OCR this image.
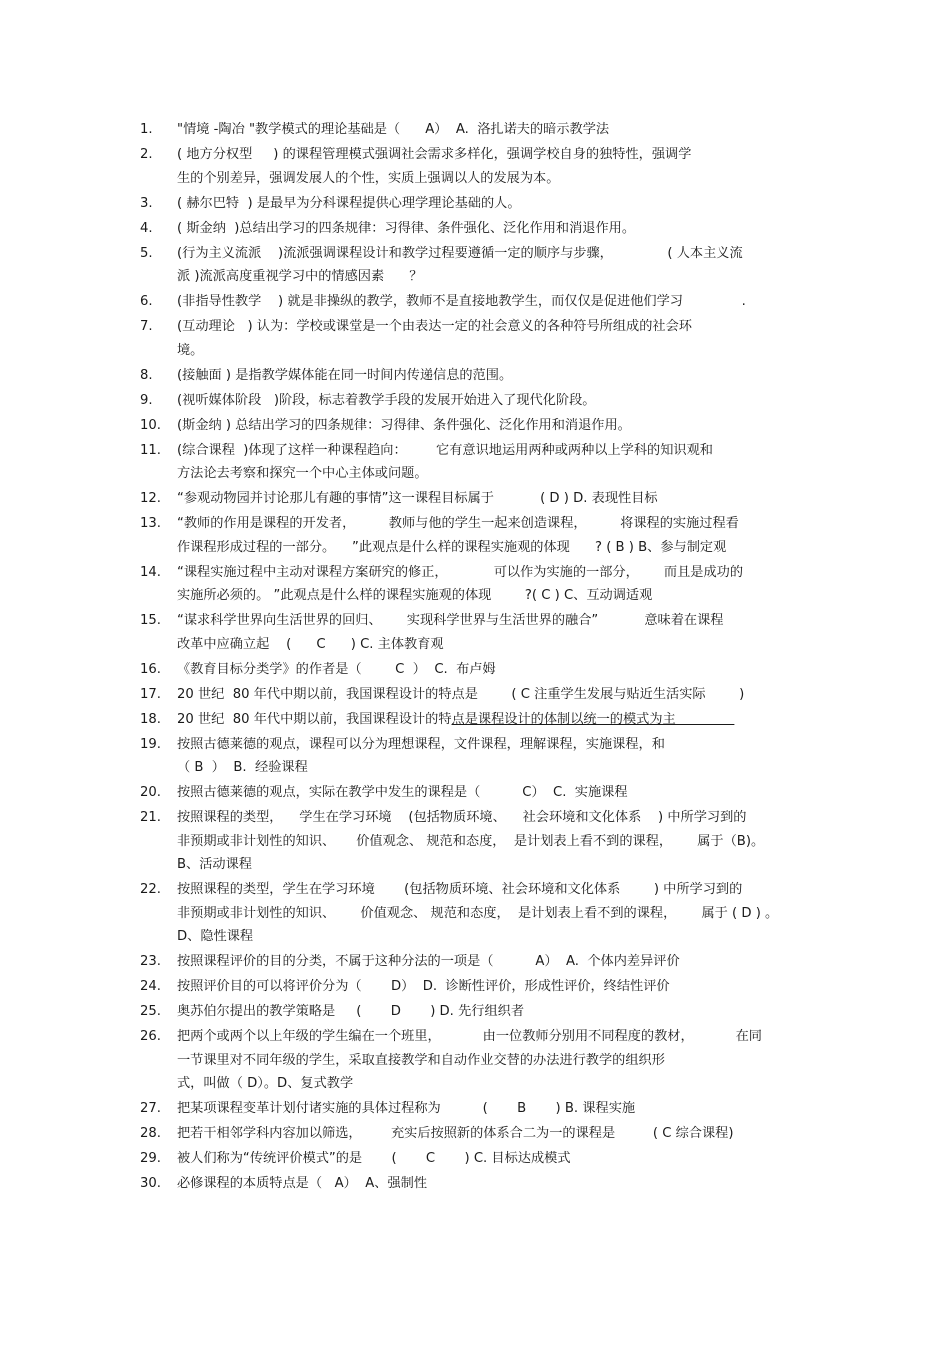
1.	"情境 -陶冶 "教学模式的理论基础是（      A）  A.  洛扎诺夫的暗示教学法
2.	( 地方分权型     ) 的课程管理模式强调社会需求多样化，强调学校自身的独特性，强调学
生的个别差异，强调发展人的个性，实质上强调以人的发展为本。
3.	( 赫尔巴特  ) 是最早为分科课程提供心理学理论基础的人。
4.	( 斯金纳  )总结出学习的四条规律：习得律、条件强化、泛化作用和消退作用。
5.	(行为主义流派    )流派强调课程设计和教学过程要遵循一定的顺序与步骤，             ( 人本主义流
派 )流派高度重视学习中的情感因素      ？
6.	(非指导性教学    ) 就是非操纵的教学，教师不是直接地教学生，而仅仅是促进他们学习              .
7.	(互动理论   ) 认为：学校或课堂是一个由表达一定的社会意义的各种符号所组成的社会环
境。
8.	(接触面 ) 是指教学媒体能在同一时间内传递信息的范围。
9.	(视听媒体阶段   )阶段，标志着教学手段的发展开始进入了现代化阶段。
10.	(斯金纳 ) 总结出学习的四条规律：习得律、条件强化、泛化作用和消退作用。
11.	(综合课程  )体现了这样一种课程趋向：       它有意识地运用两种或两种以上学科的知识观和
方法论去考察和探究一个中心主体或问题。
12.	“参观动物园并讨论那儿有趣的事情”这一课程目标属于           ( D ) D. 表现性目标
13.	“教师的作用是课程的开发者，        教师与他的学生一起来创造课程，        将课程的实施过程看
作课程形成过程的一部分。    ”此观点是什么样的课程实施观的体现      ? ( B ) B、参与制定观
14.	“课程实施过程中主动对课程方案研究的修正，           可以作为实施的一部分，      而且是成功的
实施所必须的。 ”此观点是什么样的课程实施观的体现        ?( C ) C、互动调适观
15.	“谋求科学世界向生活世界的回归、      实现科学世界与生活世界的融合”           意味着在课程
改革中应确立起    (      C      ) C. 主体教育观
16.	《教育目标分类学》的作者是（        C  ）  C.  布卢姆
17.	20 世纪  80 年代中期以前，我国课程设计的特点是        ( C 注重学生发展与贴近生活实际        )
18.	20 世纪  80 年代中期以前，我国课程设计的特点是课程设计的体制以统一的模式为主
19.	按照古德莱德的观点，课程可以分为理想课程，文件课程，理解课程，实施课程，和
（ B  ）  B.  经验课程
20.	按照古德莱德的观点，实际在教学中发生的课程是（          C）  C.  实施课程
21.	按照课程的类型，    学生在学习环境    (包括物质环境、    社会环境和文化体系    ) 中所学习到的
非预期或非计划性的知识、     价值观念、 规范和态度，  是计划表上看不到的课程，      属于（B)。
B、活动课程
22.	按照课程的类型，学生在学习环境       (包括物质环境、社会环境和文化体系        ) 中所学习到的
非预期或非计划性的知识、      价值观念、 规范和态度，  是计划表上看不到的课程，      属于 ( D ) 。
D、隐性课程
23.	按照课程评价的目的分类，不属于这种分法的一项是（          A）  A.  个体内差异评价
24.	按照评价目的可以将评价分为（       D）  D.  诊断性评价，形成性评价，终结性评价
25.	奥苏伯尔提出的教学策略是     (       D       ) D. 先行组织者
26.	把两个或两个以上年级的学生编在一个班里，          由一位教师分别用不同程度的教材，          在同
一节课里对不同年级的学生，采取直接教学和自动作业交替的办法进行教学的组织形
式，叫做（ D）。D、复式教学
27.	把某项课程变革计划付诸实施的具体过程称为          (       B       ) B. 课程实施
28.	把若干相邻学科内容加以筛选，       充实后按照新的体系合二为一的课程是         ( C 综合课程)
29.	被人们称为“传统评价模式”的是       (       C       ) C. 目标达成模式
30.	必修课程的本质特点是（   A）  A、强制性
